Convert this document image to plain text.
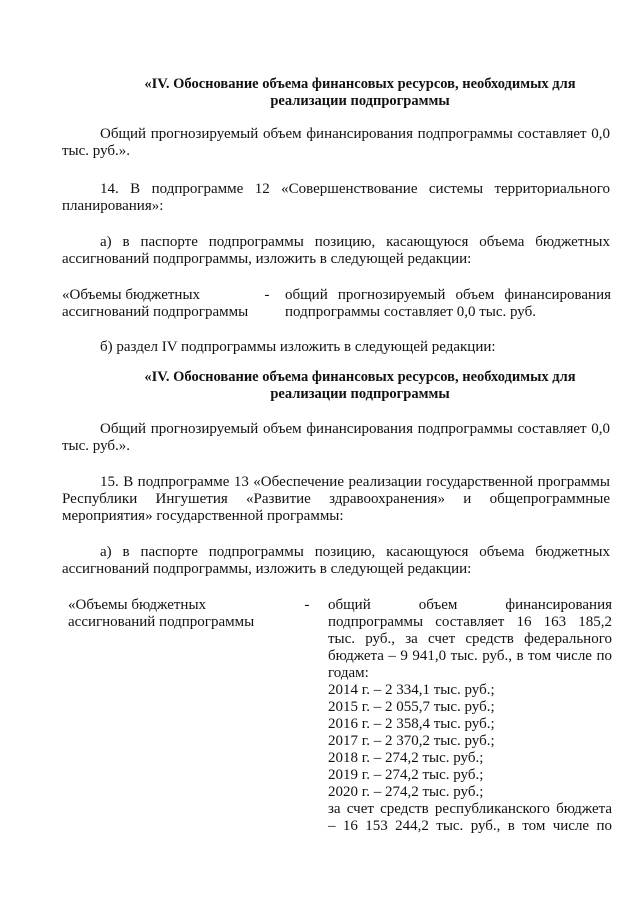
«IV. Обоснование объема финансовых ресурсов, необходимых для
реализации подпрограммы
Общий прогнозируемый объем финансирования подпрограммы составляет 0,0 тыс. руб.».
14. В подпрограмме 12 «Совершенствование системы территориального планирования»:
а) в паспорте подпрограммы позицию, касающуюся объема бюджетных ассигнований подпрограммы, изложить в следующей редакции:
«Объемы бюджетных ассигнований подпрограммы
- общий прогнозируемый объем финансирования подпрограммы составляет 0,0 тыс. руб.
б) раздел IV подпрограммы изложить в следующей редакции:
«IV. Обоснование объема финансовых ресурсов, необходимых для
реализации подпрограммы
Общий прогнозируемый объем финансирования подпрограммы составляет 0,0 тыс. руб.».
15. В подпрограмме 13 «Обеспечение реализации государственной программы Республики Ингушетия «Развитие здравоохранения» и общепрограммные мероприятия» государственной программы:
а) в паспорте подпрограммы позицию, касающуюся объема бюджетных ассигнований подпрограммы, изложить в следующей редакции:
«Объемы бюджетных ассигнований подпрограммы
- общий объем финансирования
подпрограммы составляет 16 163 185,2
тыс. руб., за счет средств федерального
бюджета – 9 941,0 тыс. руб., в том числе по
годам:
2014 г. – 2 334,1 тыс. руб.;
2015 г. – 2 055,7 тыс. руб.;
2016 г. – 2 358,4 тыс. руб.;
2017 г. – 2 370,2 тыс. руб.;
2018 г. – 274,2 тыс. руб.;
2019 г. – 274,2 тыс. руб.;
2020 г. – 274,2 тыс. руб.;
за счет средств республиканского бюджета
– 16 153 244,2 тыс. руб., в том числе по
